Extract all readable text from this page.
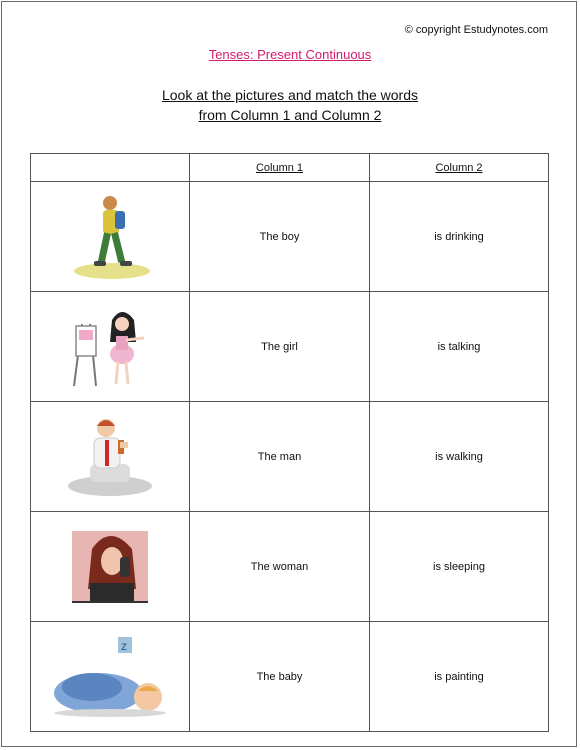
© copyright Estudynotes.com
Tenses: Present Continuous
Look at the pictures and match the words
from Column 1 and Column 2
	Column 1	Column 2

	The boy	is drinking

	The girl	is talking

	The man	is walking

	The woman	is sleeping

z	The baby	is painting
